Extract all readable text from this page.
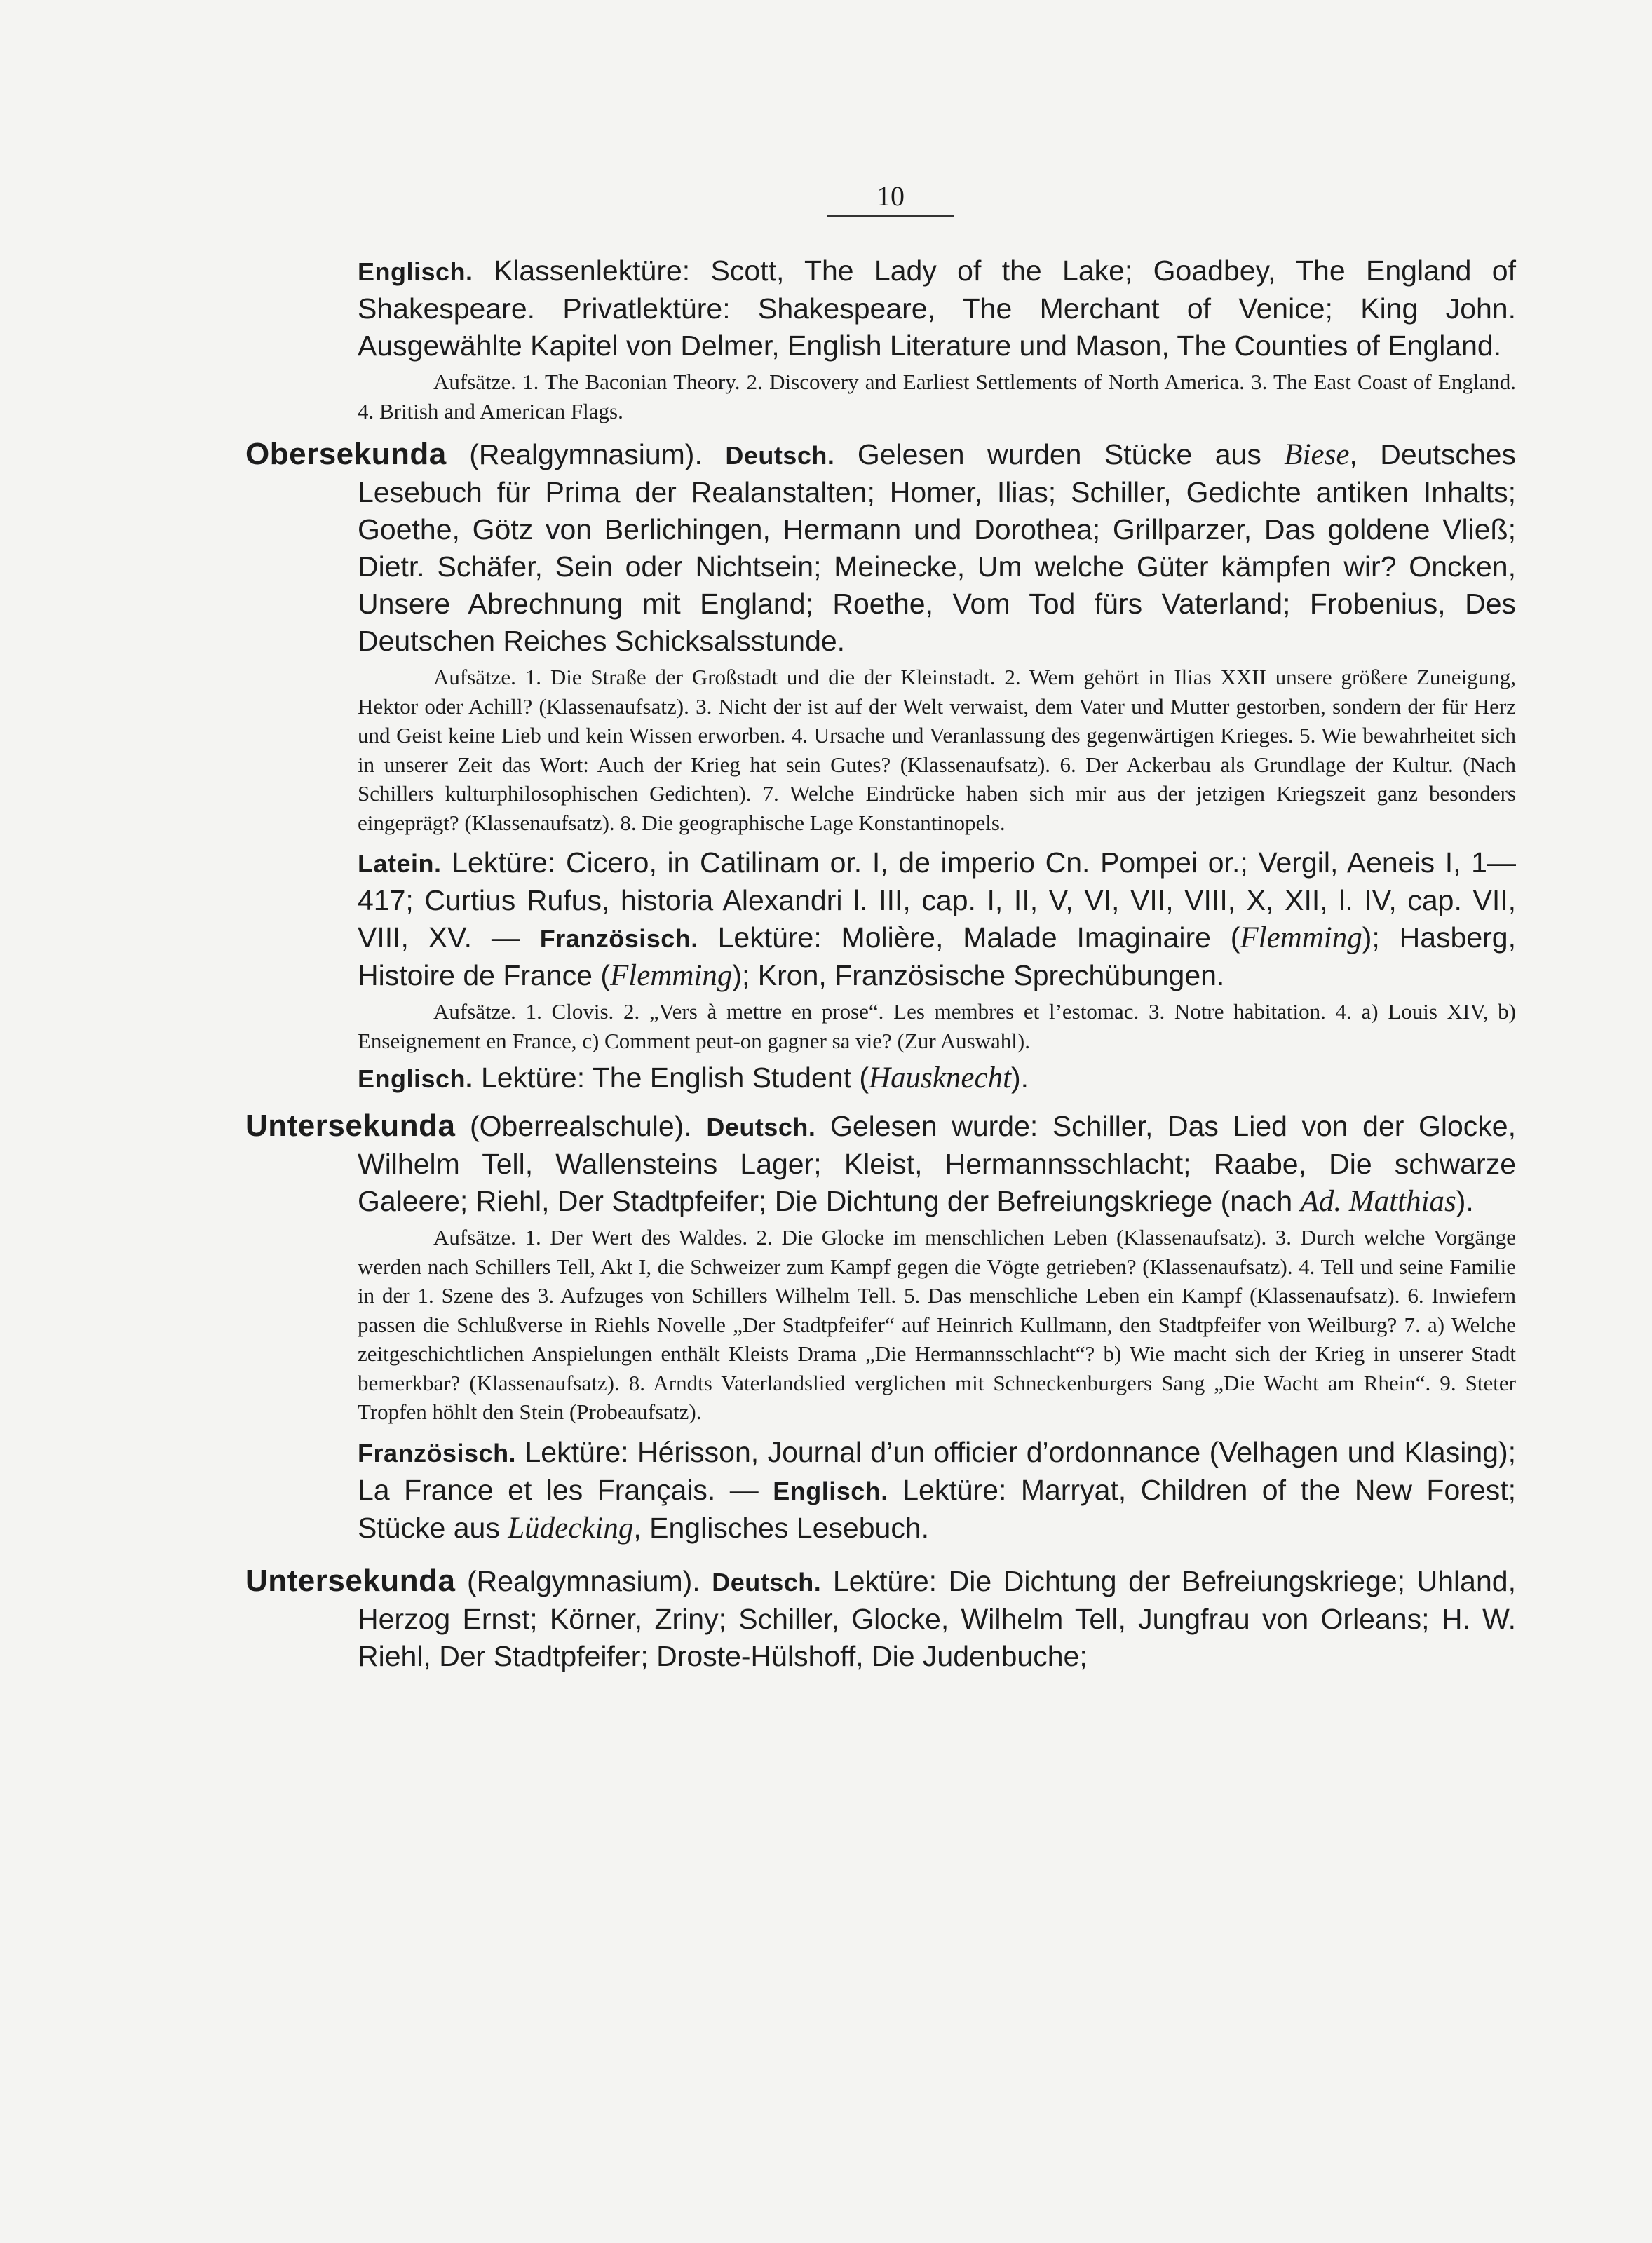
10

Englisch. Klassenlektüre: Scott, The Lady of the Lake; Goadbey, The England of Shakespeare. Privatlektüre: Shakespeare, The Merchant of Venice; King John. Ausgewählte Kapitel von Delmer, English Literature und Mason, The Counties of England.

Aufsätze. 1. The Baconian Theory. 2. Discovery and Earliest Settlements of North America. 3. The East Coast of England. 4. British and American Flags.

Obersekunda (Realgymnasium). Deutsch. Gelesen wurden Stücke aus Biese, Deutsches Lesebuch für Prima der Realanstalten; Homer, Ilias; Schiller, Gedichte antiken Inhalts; Goethe, Götz von Berlichingen, Hermann und Dorothea; Grillparzer, Das goldene Vließ; Dietr. Schäfer, Sein oder Nichtsein; Meinecke, Um welche Güter kämpfen wir? Oncken, Unsere Abrechnung mit England; Roethe, Vom Tod fürs Vaterland; Frobenius, Des Deutschen Reiches Schicksalsstunde.

Aufsätze. 1. Die Straße der Großstadt und die der Kleinstadt. 2. Wem gehört in Ilias XXII unsere größere Zuneigung, Hektor oder Achill? (Klassenaufsatz). 3. Nicht der ist auf der Welt verwaist, dem Vater und Mutter gestorben, sondern der für Herz und Geist keine Lieb und kein Wissen erworben. 4. Ursache und Veranlassung des gegenwärtigen Krieges. 5. Wie bewahrheitet sich in unserer Zeit das Wort: Auch der Krieg hat sein Gutes? (Klassenaufsatz). 6. Der Ackerbau als Grundlage der Kultur. (Nach Schillers kulturphilosophischen Gedichten). 7. Welche Eindrücke haben sich mir aus der jetzigen Kriegszeit ganz besonders eingeprägt? (Klassenaufsatz). 8. Die geographische Lage Konstantinopels.

Latein. Lektüre: Cicero, in Catilinam or. I, de imperio Cn. Pompei or.; Vergil, Aeneis I, 1—417; Curtius Rufus, historia Alexandri l. III, cap. I, II, V, VI, VII, VIII, X, XII, l. IV, cap. VII, VIII, XV. — Französisch. Lektüre: Molière, Malade Imaginaire (Flemming); Hasberg, Histoire de France (Flemming); Kron, Französische Sprechübungen.

Aufsätze. 1. Clovis. 2. „Vers à mettre en prose“. Les membres et l’estomac. 3. Notre habitation. 4. a) Louis XIV, b) Enseignement en France, c) Comment peut-on gagner sa vie? (Zur Auswahl).

Englisch. Lektüre: The English Student (Hausknecht).

Untersekunda (Oberrealschule). Deutsch. Gelesen wurde: Schiller, Das Lied von der Glocke, Wilhelm Tell, Wallensteins Lager; Kleist, Hermannsschlacht; Raabe, Die schwarze Galeere; Riehl, Der Stadtpfeifer; Die Dichtung der Befreiungskriege (nach Ad. Matthias).

Aufsätze. 1. Der Wert des Waldes. 2. Die Glocke im menschlichen Leben (Klassenaufsatz). 3. Durch welche Vorgänge werden nach Schillers Tell, Akt I, die Schweizer zum Kampf gegen die Vögte getrieben? (Klassenaufsatz). 4. Tell und seine Familie in der 1. Szene des 3. Aufzuges von Schillers Wilhelm Tell. 5. Das menschliche Leben ein Kampf (Klassenaufsatz). 6. Inwiefern passen die Schlußverse in Riehls Novelle „Der Stadtpfeifer“ auf Heinrich Kullmann, den Stadtpfeifer von Weilburg? 7. a) Welche zeitgeschichtlichen Anspielungen enthält Kleists Drama „Die Hermannsschlacht“? b) Wie macht sich der Krieg in unserer Stadt bemerkbar? (Klassenaufsatz). 8. Arndts Vaterlandslied verglichen mit Schneckenburgers Sang „Die Wacht am Rhein“. 9. Steter Tropfen höhlt den Stein (Probeaufsatz).

Französisch. Lektüre: Hérisson, Journal d’un officier d’ordonnance (Velhagen und Klasing); La France et les Français. — Englisch. Lektüre: Marryat, Children of the New Forest; Stücke aus Lüdecking, Englisches Lesebuch.

Untersekunda (Realgymnasium). Deutsch. Lektüre: Die Dichtung der Befreiungskriege; Uhland, Herzog Ernst; Körner, Zriny; Schiller, Glocke, Wilhelm Tell, Jungfrau von Orleans; H. W. Riehl, Der Stadtpfeifer; Droste-Hülshoff, Die Judenbuche;
